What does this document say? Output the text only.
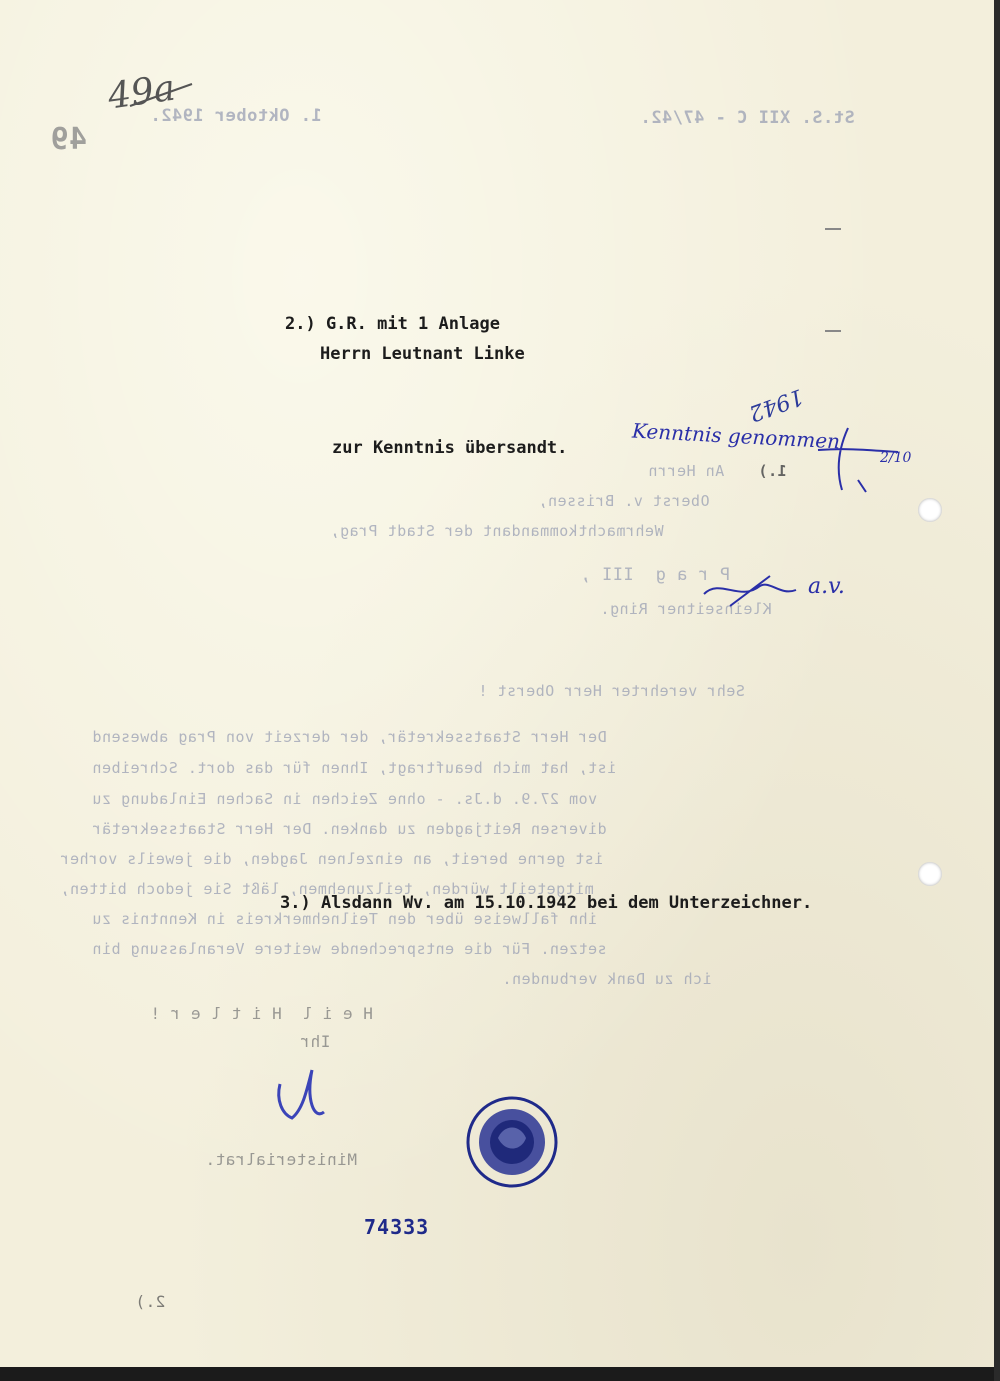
49
1. Oktober 1942.	St.S. XII C - 47/42.
1.)
An Herrn
Oberst v. Brissen,
Wehrmachtkommandant der Stadt Prag,
P r a g  III ,
Kleinseitner Ring.
Sehr verehrter Herr Oberst !
Der Herr Staatssekretär, der derzeit von Prag abwesend
ist, hat mich beauftragt, Ihnen für das dort. Schreiben
vom 27.9. d.Js. - ohne Zeichen in Sachen Einladung zu
diversen Reitjagden zu danken. Der Herr Staatssekretär
ist gerne bereit, an einzelnen Jagden, die jeweils vorher
mitgeteilt würden, teilzunehmen, läßt Sie jedoch bitten,
ihn fallweise über den Teilnehmerkreis in Kenntnis zu
setzen. Für die entsprechende weitere Veranlassung bin
ich zu Dank verbunden.
H e i l  H i t l e r !
Ihr
Ministerialrat.
2.)
2.) G.R. mit 1 Anlage
Herrn Leutnant Linke
zur Kenntnis übersandt.
3.) Alsdann Wv. am 15.10.1942 bei dem Unterzeichner.
49a
1942
Kenntnis genommen
2/10
a.v.
74333
